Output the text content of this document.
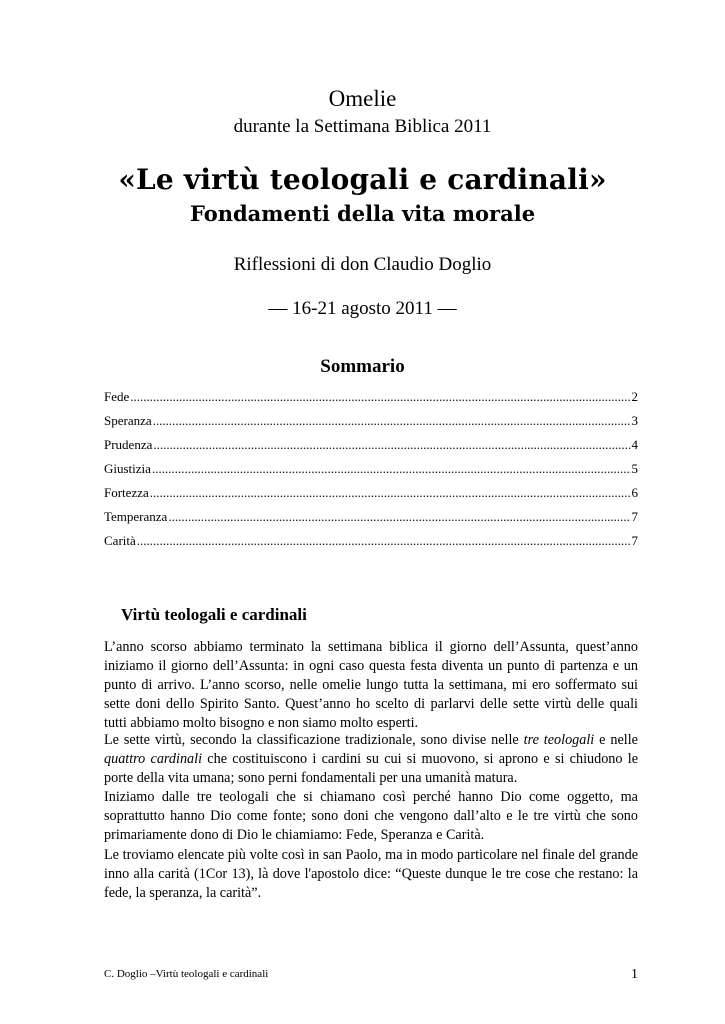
Omelie
durante la Settimana Biblica 2011
«Le virtù teologali e cardinali»
Fondamenti della vita morale
Riflessioni di don Claudio Doglio
— 16-21 agosto 2011 —
Sommario
Fede .....	2
Speranza .....	3
Prudenza .....	4
Giustizia .....	5
Fortezza .....	6
Temperanza .....	7
Carità .....	7
Virtù teologali e cardinali

L’anno scorso abbiamo terminato la settimana biblica il giorno dell’Assunta, quest’anno iniziamo il giorno dell’Assunta: in ogni caso questa festa diventa un punto di partenza e un punto di arrivo. L’anno scorso, nelle omelie lungo tutta la settimana, mi ero soffermato sui sette doni dello Spirito Santo. Quest’anno ho scelto di parlarvi delle sette virtù delle quali tutti abbiamo molto bisogno e non siamo molto esperti.

Le sette virtù, secondo la classificazione tradizionale, sono divise nelle tre teologali e nelle quattro cardinali che costituiscono i cardini su cui si muovono, si aprono e si chiudono le porte della vita umana; sono perni fondamentali per una umanità matura.

Iniziamo dalle tre teologali che si chiamano così perché hanno Dio come oggetto, ma soprattutto hanno Dio come fonte; sono doni che vengono dall’alto e le tre virtù che sono primariamente dono di Dio le chiamiamo: Fede, Speranza e Carità.

Le troviamo elencate più volte così in san Paolo, ma in modo particolare nel finale del grande inno alla carità (1Cor 13), là dove l'apostolo dice: “Queste dunque le tre cose che restano: la fede, la speranza, la carità”.

C. Doglio –Virtù teologali e cardinali	1
